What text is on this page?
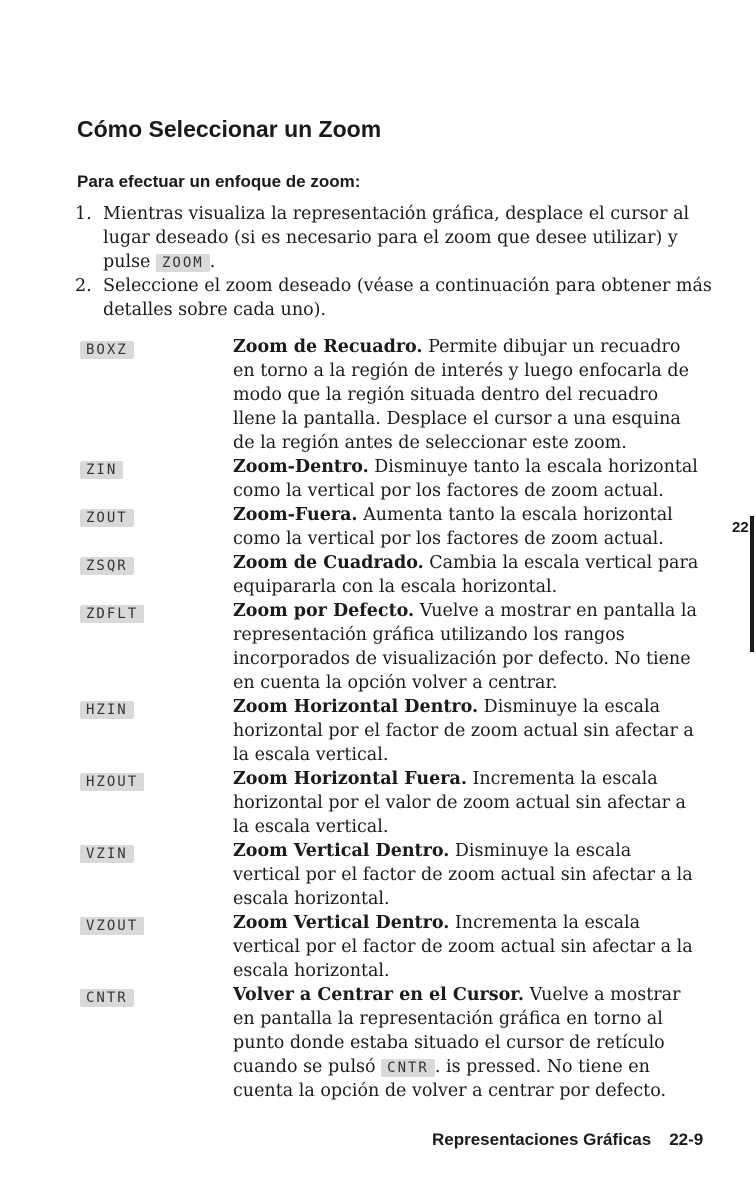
Cómo Seleccionar un Zoom
Para efectuar un enfoque de zoom:
1. Mientras visualiza la representación gráfica, desplace el cursor al lugar deseado (si es necesario para el zoom que desee utilizar) y pulse ZOOM .
2. Seleccione el zoom deseado (véase a continuación para obtener más detalles sobre cada uno).
BOXZ	Zoom de Recuadro. Permite dibujar un recuadro en torno a la región de interés y luego enfocarla de modo que la región situada dentro del recuadro llene la pantalla. Desplace el cursor a una esquina de la región antes de seleccionar este zoom.
ZIN	Zoom-Dentro. Disminuye tanto la escala horizontal como la vertical por los factores de zoom actual.
ZOUT	Zoom-Fuera. Aumenta tanto la escala horizontal como la vertical por los factores de zoom actual.
ZSQR	Zoom de Cuadrado. Cambia la escala vertical para equipararla con la escala horizontal.
ZDFLT	Zoom por Defecto. Vuelve a mostrar en pantalla la representación gráfica utilizando los rangos incorporados de visualización por defecto. No tiene en cuenta la opción volver a centrar.
HZIN	Zoom Horizontal Dentro. Disminuye la escala horizontal por el factor de zoom actual sin afectar a la escala vertical.
HZOUT	Zoom Horizontal Fuera. Incrementa la escala horizontal por el valor de zoom actual sin afectar a la escala vertical.
VZIN	Zoom Vertical Dentro. Disminuye la escala vertical por el factor de zoom actual sin afectar a la escala horizontal.
VZOUT	Zoom Vertical Dentro. Incrementa la escala vertical por el factor de zoom actual sin afectar a la escala horizontal.
CNTR	Volver a Centrar en el Cursor. Vuelve a mostrar en pantalla la representación gráfica en torno al punto donde estaba situado el cursor de retículo cuando se pulsó CNTR . is pressed. No tiene en cuenta la opción de volver a centrar por defecto.
22
Representaciones Gráficas 22-9
